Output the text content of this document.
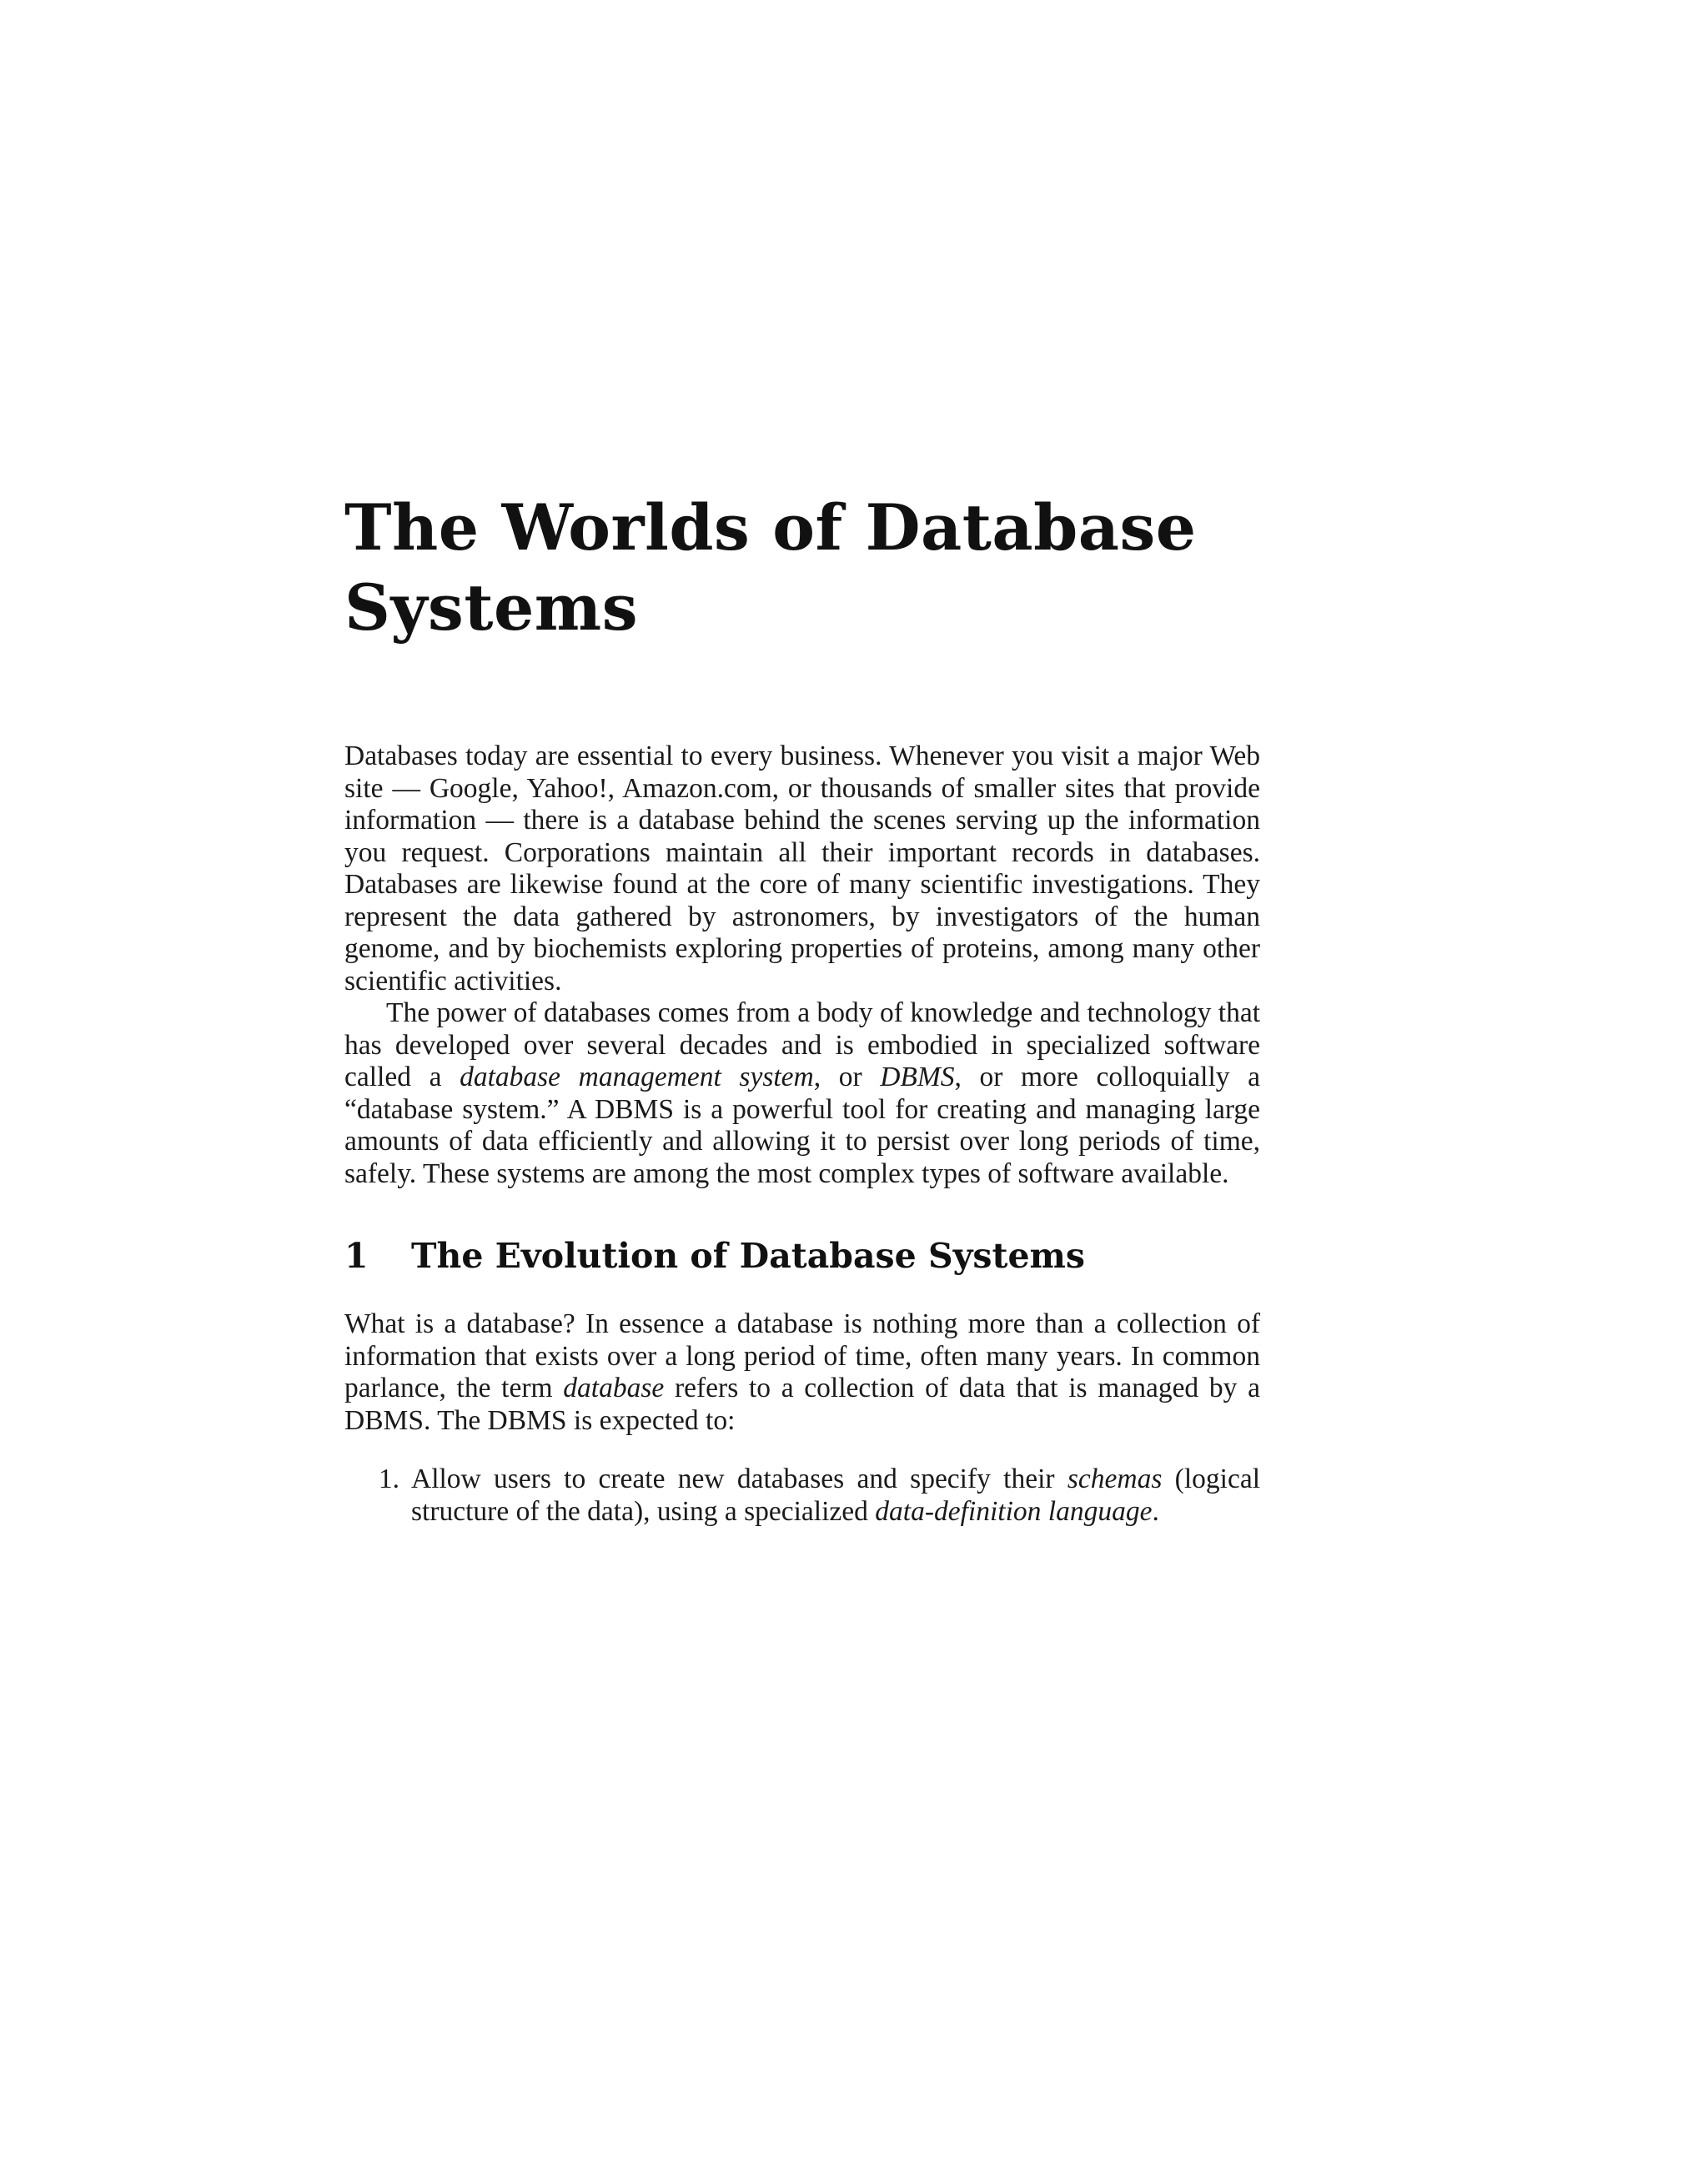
The Worlds of Database Systems

Databases today are essential to every business. Whenever you visit a major Web site — Google, Yahoo!, Amazon.com, or thousands of smaller sites that provide information — there is a database behind the scenes serving up the information you request. Corporations maintain all their important records in databases. Databases are likewise found at the core of many scientific investigations. They represent the data gathered by astronomers, by investigators of the human genome, and by biochemists exploring properties of proteins, among many other scientific activities.

The power of databases comes from a body of knowledge and technology that has developed over several decades and is embodied in specialized software called a database management system, or DBMS, or more colloquially a “database system.” A DBMS is a powerful tool for creating and managing large amounts of data efficiently and allowing it to persist over long periods of time, safely. These systems are among the most complex types of software available.

1	The Evolution of Database Systems

What is a database? In essence a database is nothing more than a collection of information that exists over a long period of time, often many years. In common parlance, the term database refers to a collection of data that is managed by a DBMS. The DBMS is expected to:

1. Allow users to create new databases and specify their schemas (logical structure of the data), using a specialized data-definition language.
